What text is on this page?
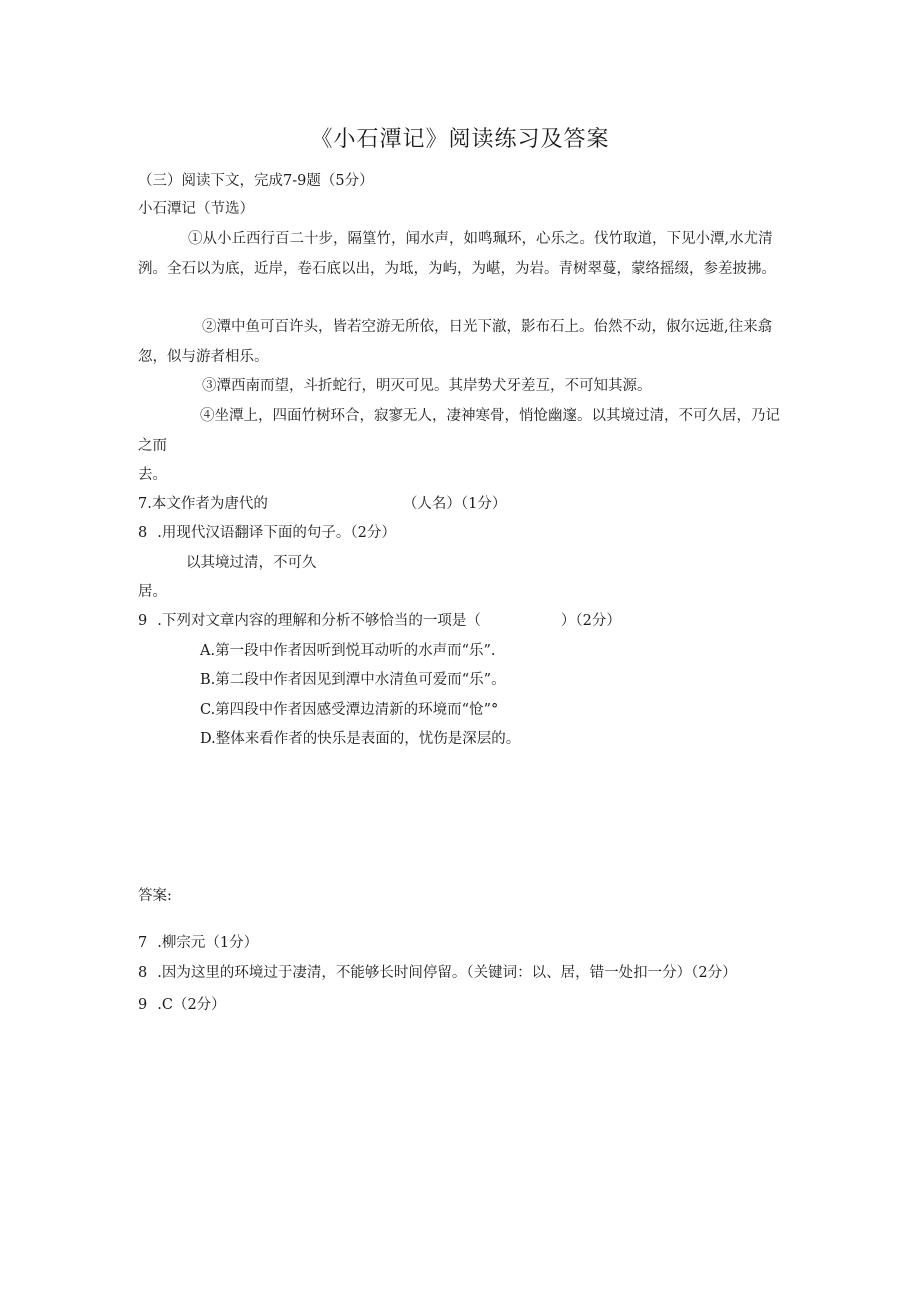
《小石潭记》阅读练习及答案
（三）阅读下文，完成7-9题（5分）
小石潭记（节选）
①从小丘西行百二十步，隔篁竹，闻水声，如鸣珮环，心乐之。伐竹取道，下见小潭,水尤清洌。全石以为底，近岸，卷石底以出，为坻，为屿，为嵁，为岩。青树翠蔓，蒙络摇缀，参差披拂。
②潭中鱼可百许头，皆若空游无所依，日光下澈，影布石上。佁然不动，俶尔远逝,往来翕忽，似与游者相乐。
③潭西南而望，斗折蛇行，明灭可见。其岸势犬牙差互，不可知其源。
④坐潭上，四面竹树环合，寂寥无人，凄神寒骨，悄怆幽邃。以其境过清，不可久居，乃记之而
去。
7.本文作者为唐代的	（人名）（1分）
8 .用现代汉语翻译下面的句子。（2分）
以其境过清，不可久
居。
9 .下列对文章内容的理解和分析不够恰当的一项是（	）（2分）
A.第一段中作者因听到悦耳动听的水声而“乐”.
B.第二段中作者因见到潭中水清鱼可爱而“乐”。
C.第四段中作者因感受潭边清新的环境而“怆”°
D.整体来看作者的快乐是表面的，忧伤是深层的。
答案:
7 .柳宗元（1分）
8 .因为这里的环境过于凄清，不能够长时间停留。（关键词：以、居，错一处扣一分）（2分）
9 .C（2分）
